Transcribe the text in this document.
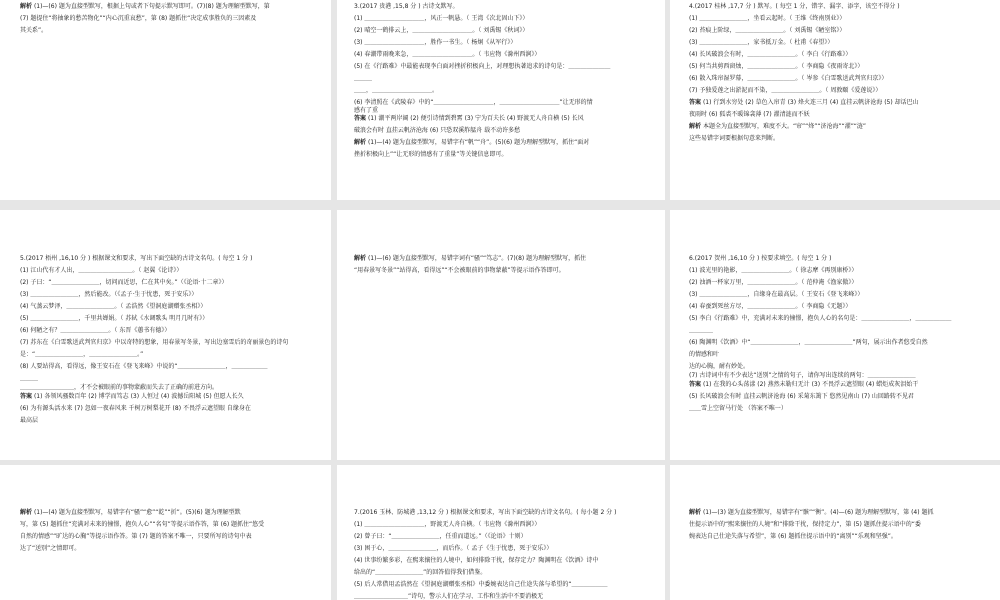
解析 (1)—(6) 题为直接型默写，根据上句或者下句提示默写即可。(7)(8) 题为理解型默写，第

(7) 题提住“将抽象的愁苦物化”“内心沉重哀愁”，第 (8) 题抓住“决定成事胜负的三因素及

其关系”。

3.(2017 贵港 ,15,8 分 ) 古诗文默写。

(1) ＿＿＿＿＿＿＿＿＿＿，风正一帆悬。（ 王湾《次北固山下》）

(2) 晴空一鹤排云上，＿＿＿＿＿＿＿＿＿＿。（ 刘禹锡《秋词》）

(3) ＿＿＿＿＿＿＿＿＿＿，胜作一书生。（ 杨炯《从军行》）

(4) 春潮带雨晚来急，＿＿＿＿＿＿＿＿＿＿。（ 韦应物《滁州西涧》）

(5) 在《行路难》中最能表现李白面对挫折积极向上，对理想执著追求的诗句是：＿＿＿＿＿＿＿

＿＿＿

＿＿，＿＿＿＿＿＿＿＿＿＿。

(6) 李清照在《武陵春》中的“＿＿＿＿＿＿＿＿＿＿，＿＿＿＿＿＿＿＿＿＿”让无形的情

感有了重

答案 (1) 潮平两岸阔 (2) 便引诗情到碧霄 (3) 宁为百夫长 (4) 野渡无人舟自横 (5) 长风

破浪会有时 直挂云帆济沧海 (6) 只恐双溪舴艋舟 载不动许多愁

解析 (1)—(4) 题为直接型默写，易错字有“帆”“舟”。(5)(6) 题为理解型默写，抓住“面对

挫折积极向上”“让无形的情感有了重量”等关键信息即可。

4.(2017 桂林 ,17,7 分 ) 默写。( 每空 1 分，错字、漏字、添字，该空不得分 )

(1) ＿＿＿＿＿＿＿＿，坐看云起时。（ 王维《终南别业》）

(2) 苔痕上阶绿，＿＿＿＿＿＿＿＿。（ 刘禹锡《陋室铭》）

(3) ＿＿＿＿＿＿＿＿，家书抵万金。（ 杜甫《春望》）

(4) 长风破浪会有时，＿＿＿＿＿＿＿＿。（ 李白《行路难》）

(5) 何当共剪西窗烛，＿＿＿＿＿＿＿＿。（ 李商隐《夜雨寄北》）

(6) 散入珠帘湿罗幕，＿＿＿＿＿＿＿＿。（ 岑参《白雪歌送武判官归京》）

(7) 予独爱莲之出淤泥而不染，＿＿＿＿＿＿＿＿。（ 周敦颐《爱莲说》）

答案 (1) 行到水穷处 (2) 草色入帘青 (3) 烽火连三月 (4) 直挂云帆济沧海 (5) 却话巴山

夜雨时 (6) 狐裘不暖锦衾薄 (7) 濯清涟而不妖

解析 本题全为直接型默写，难度不大。“帘”“烽”“济沧海”“濯”“涟”

这些易错字词要根据句意来判断。

5.(2017 梧州 ,16,10 分 ) 根据课文和要求，写出下面空缺的古诗文名句。( 每空 1 分 )

(1) 江山代有才人出，＿＿＿＿＿＿＿＿＿。（ 赵翼《论诗》）

(2) 子曰：“＿＿＿＿＿＿＿＿，切问而近思，仁在其中矣。”（《论语·十二章》）

(3) ＿＿＿＿＿＿＿＿，然后能改。（《孟子·生于忧患，死于安乐》）

(4) 气蒸云梦泽，＿＿＿＿＿＿＿＿。（ 孟浩然《望洞庭湖赠张丞相》）

(5) ＿＿＿＿＿＿＿＿，千里共婵娟。（ 苏轼《水调歌头 明月几时有》）

(6) 何陋之有？＿＿＿＿＿＿＿＿。（ 东晋《蕙书有德》）

(7) 苏东在《白雪歌送武判官归京》中以奇特的想象，用春景写冬景，写出边塞雪后的奇丽景色的诗句

是：“＿＿＿＿＿＿＿＿，＿＿＿＿＿＿＿＿。”

(8) 人要站得高，看得远，像王安石在《登飞来峰》中说的“＿＿＿＿＿＿＿＿，＿＿＿＿＿＿

＿＿＿

＿＿＿＿＿＿＿＿＿，才不会被眼前的事物蒙蔽而失去了正确的前进方向。

答案 (1) 各领风骚数百年 (2) 博学而笃志 (3) 人恒过 (4) 波撼岳阳城 (5) 但愿人长久

(6) 为有源头活水来 (7) 忽如一夜春风来 千树万树梨花开 (8) 不畏浮云遮望眼 自缘身在

最高层

解析 (1)—(6) 题为直接型默写，易错字词有“骚”“笃志”。(7)(8) 题为理解型默写，抓住

“用春景写冬景”“站得高，看得远”“不会被眼前的事物蒙蔽”等提示语作答即可。

6.(2017 贺州 ,16,10 分 ) 按要求填空。( 每空 1 分 )

(1) 波光里的艳影，＿＿＿＿＿＿＿＿。（ 徐志摩《再别康桥》）

(2) 浊酒一杯家万里，＿＿＿＿＿＿＿＿。（ 范仲淹《渔家傲》）

(3) ＿＿＿＿＿＿＿＿，自缘身在最高层。（ 王安石《登飞来峰》）

(4) 春蚕到死丝方尽，＿＿＿＿＿＿＿＿。（ 李商隐《无题》）

(5) 李白《行路难》中，充满对未来的憧憬，抱负人心的名句是：＿＿＿＿＿＿＿＿，＿＿＿＿＿＿

＿＿＿＿

(6) 陶渊明《饮酒》中“＿＿＿＿＿＿＿＿，＿＿＿＿＿＿＿＿”两句，展示出作者悠受自然

的情感和叶

达的心胸，耐有妙处。

(7) 古诗词中有不少表达“送别”之情的句子，请你写出连续的两句：＿＿＿＿＿＿＿＿

答案 (1) 在我的心头荡漾 (2) 燕然未勒归无计 (3) 不畏浮云遮望眼 (4) 蜡炬成灰泪始干

(5) 长风破浪会有时 直挂云帆济沧海 (6) 采菊东篱下 悠然见南山 (7) 山回路转不见君

＿＿雪上空留马行处 （答案不唯一）

解析 (1)—(4) 题为直接型默写，易错字有“骚”“愈”“乾”“折”。(5)(6) 题为理解型默

写，第 (5) 题抓住“充满对未来的憧憬，抱负人心”“名句”等提示语作答，第 (6) 题抓住“悠受

自然的情感”“旷达的心胸”等提示语作答。第 (7) 题的答案不唯一，只要所写的诗句中表

达了“送别”之情即可。

7.(2016 玉林、防城港 ,13,12 分 ) 根据课文和要求，写出下面空缺的古诗文名句。( 每小题 2 分 )

(1) ＿＿＿＿＿＿＿＿＿＿，野渡无人舟自横。（ 韦应物《滁州西涧》）

(2) 曾子曰：“＿＿＿＿＿＿＿＿，任重而道远。”（《论语》十则）

(3) 困于心，＿＿＿＿＿＿＿＿，而后作。（ 孟子《生于忧患，死于安乐》）

(4) 世事纷繁多彩，在熙来攘往的人境中，如何排除干扰，保存定力？陶渊明在《饮酒》诗中

给出的“＿＿＿＿＿＿＿＿”的回答值得我们借鉴。

(5) 后人常借用孟浩然在《望洞庭湖赠张丞相》中委婉表达自己仕途失落与希望的“＿＿＿＿＿＿

＿＿＿＿＿＿＿＿＿”诗句，警示人们在学习、工作和生活中不要消极无

解析 (1)—(3) 题为直接型默写，易错字有“骸”“衡”。(4)—(6) 题为理解型默写，第 (4) 题抓

住提示语中的“熙来攘往的人境”和“排除干扰，保持定力”，第 (5) 题抓住提示语中的“委

婉表达自己仕途失落与希望”，第 (6) 题抓住提示语中的“离别”“乐观和坚强”。
